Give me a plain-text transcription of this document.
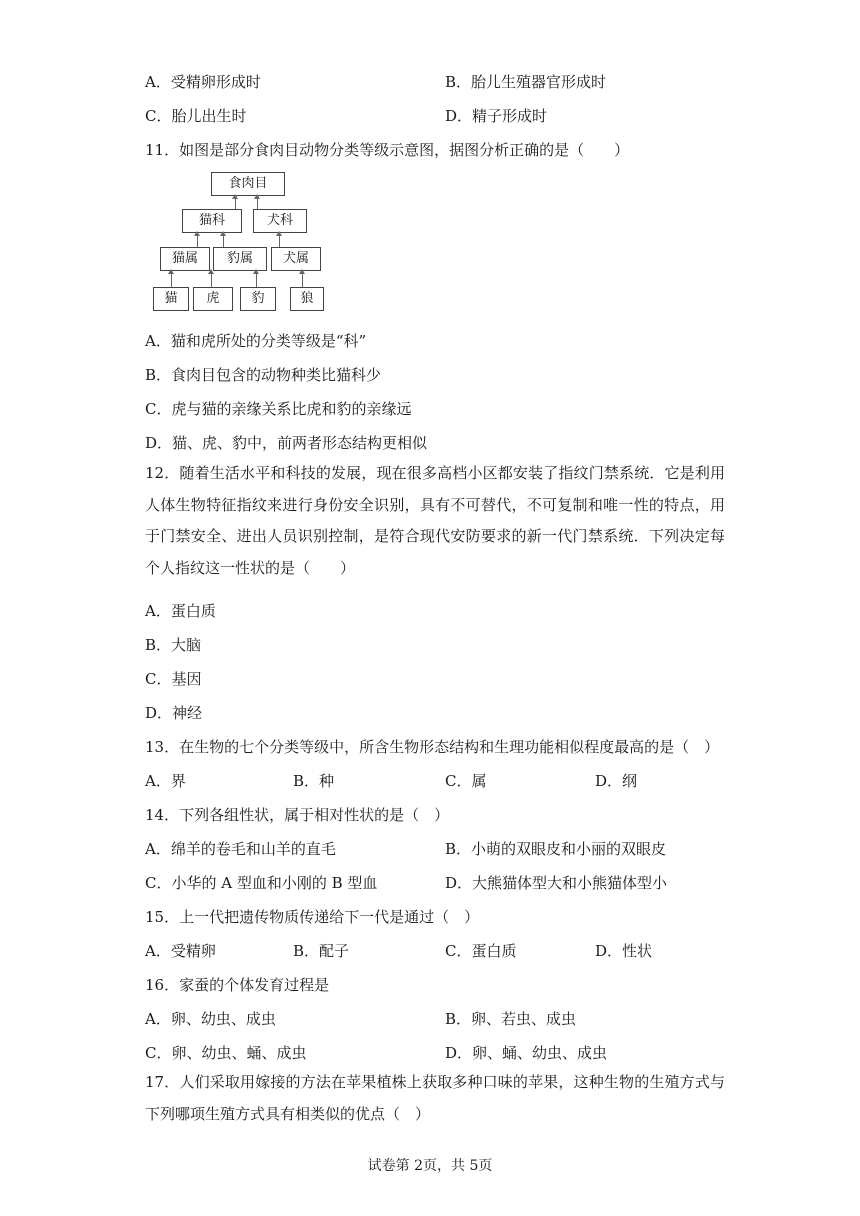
A．受精卵形成时	B．胎儿生殖器官形成时
C．胎儿出生时	D．精子形成时
11．如图是部分食肉目动物分类等级示意图，据图分析正确的是（　　）
食肉目
猫科	犬科
猫属	豹属	犬属
猫	虎	豹	狼
A．猫和虎所处的分类等级是“科”
B．食肉目包含的动物种类比猫科少
C．虎与猫的亲缘关系比虎和豹的亲缘远
D．猫、虎、豹中，前两者形态结构更相似
12．随着生活水平和科技的发展，现在很多高档小区都安装了指纹门禁系统．它是利用人体生物特征指纹来进行身份安全识别，具有不可替代，不可复制和唯一性的特点，用于门禁安全、进出人员识别控制，是符合现代安防要求的新一代门禁系统．下列决定每个人指纹这一性状的是（　　）
A．蛋白质
B．大脑
C．基因
D．神经
13．在生物的七个分类等级中，所含生物形态结构和生理功能相似程度最高的是（　）
A．界	B．种	C．属	D．纲
14．下列各组性状，属于相对性状的是（　）
A．绵羊的卷毛和山羊的直毛	B．小萌的双眼皮和小丽的双眼皮
C．小华的 A 型血和小刚的 B 型血	D．大熊猫体型大和小熊猫体型小
15．上一代把遗传物质传递给下一代是通过（　）
A．受精卵	B．配子	C．蛋白质	D．性状
16．家蚕的个体发育过程是
A．卵、幼虫、成虫	B．卵、若虫、成虫
C．卵、幼虫、蛹、成虫	D．卵、蛹、幼虫、成虫
17．人们采取用嫁接的方法在苹果植株上获取多种口味的苹果，这种生物的生殖方式与下列哪项生殖方式具有相类似的优点（　）
试卷第 2页，共 5页
